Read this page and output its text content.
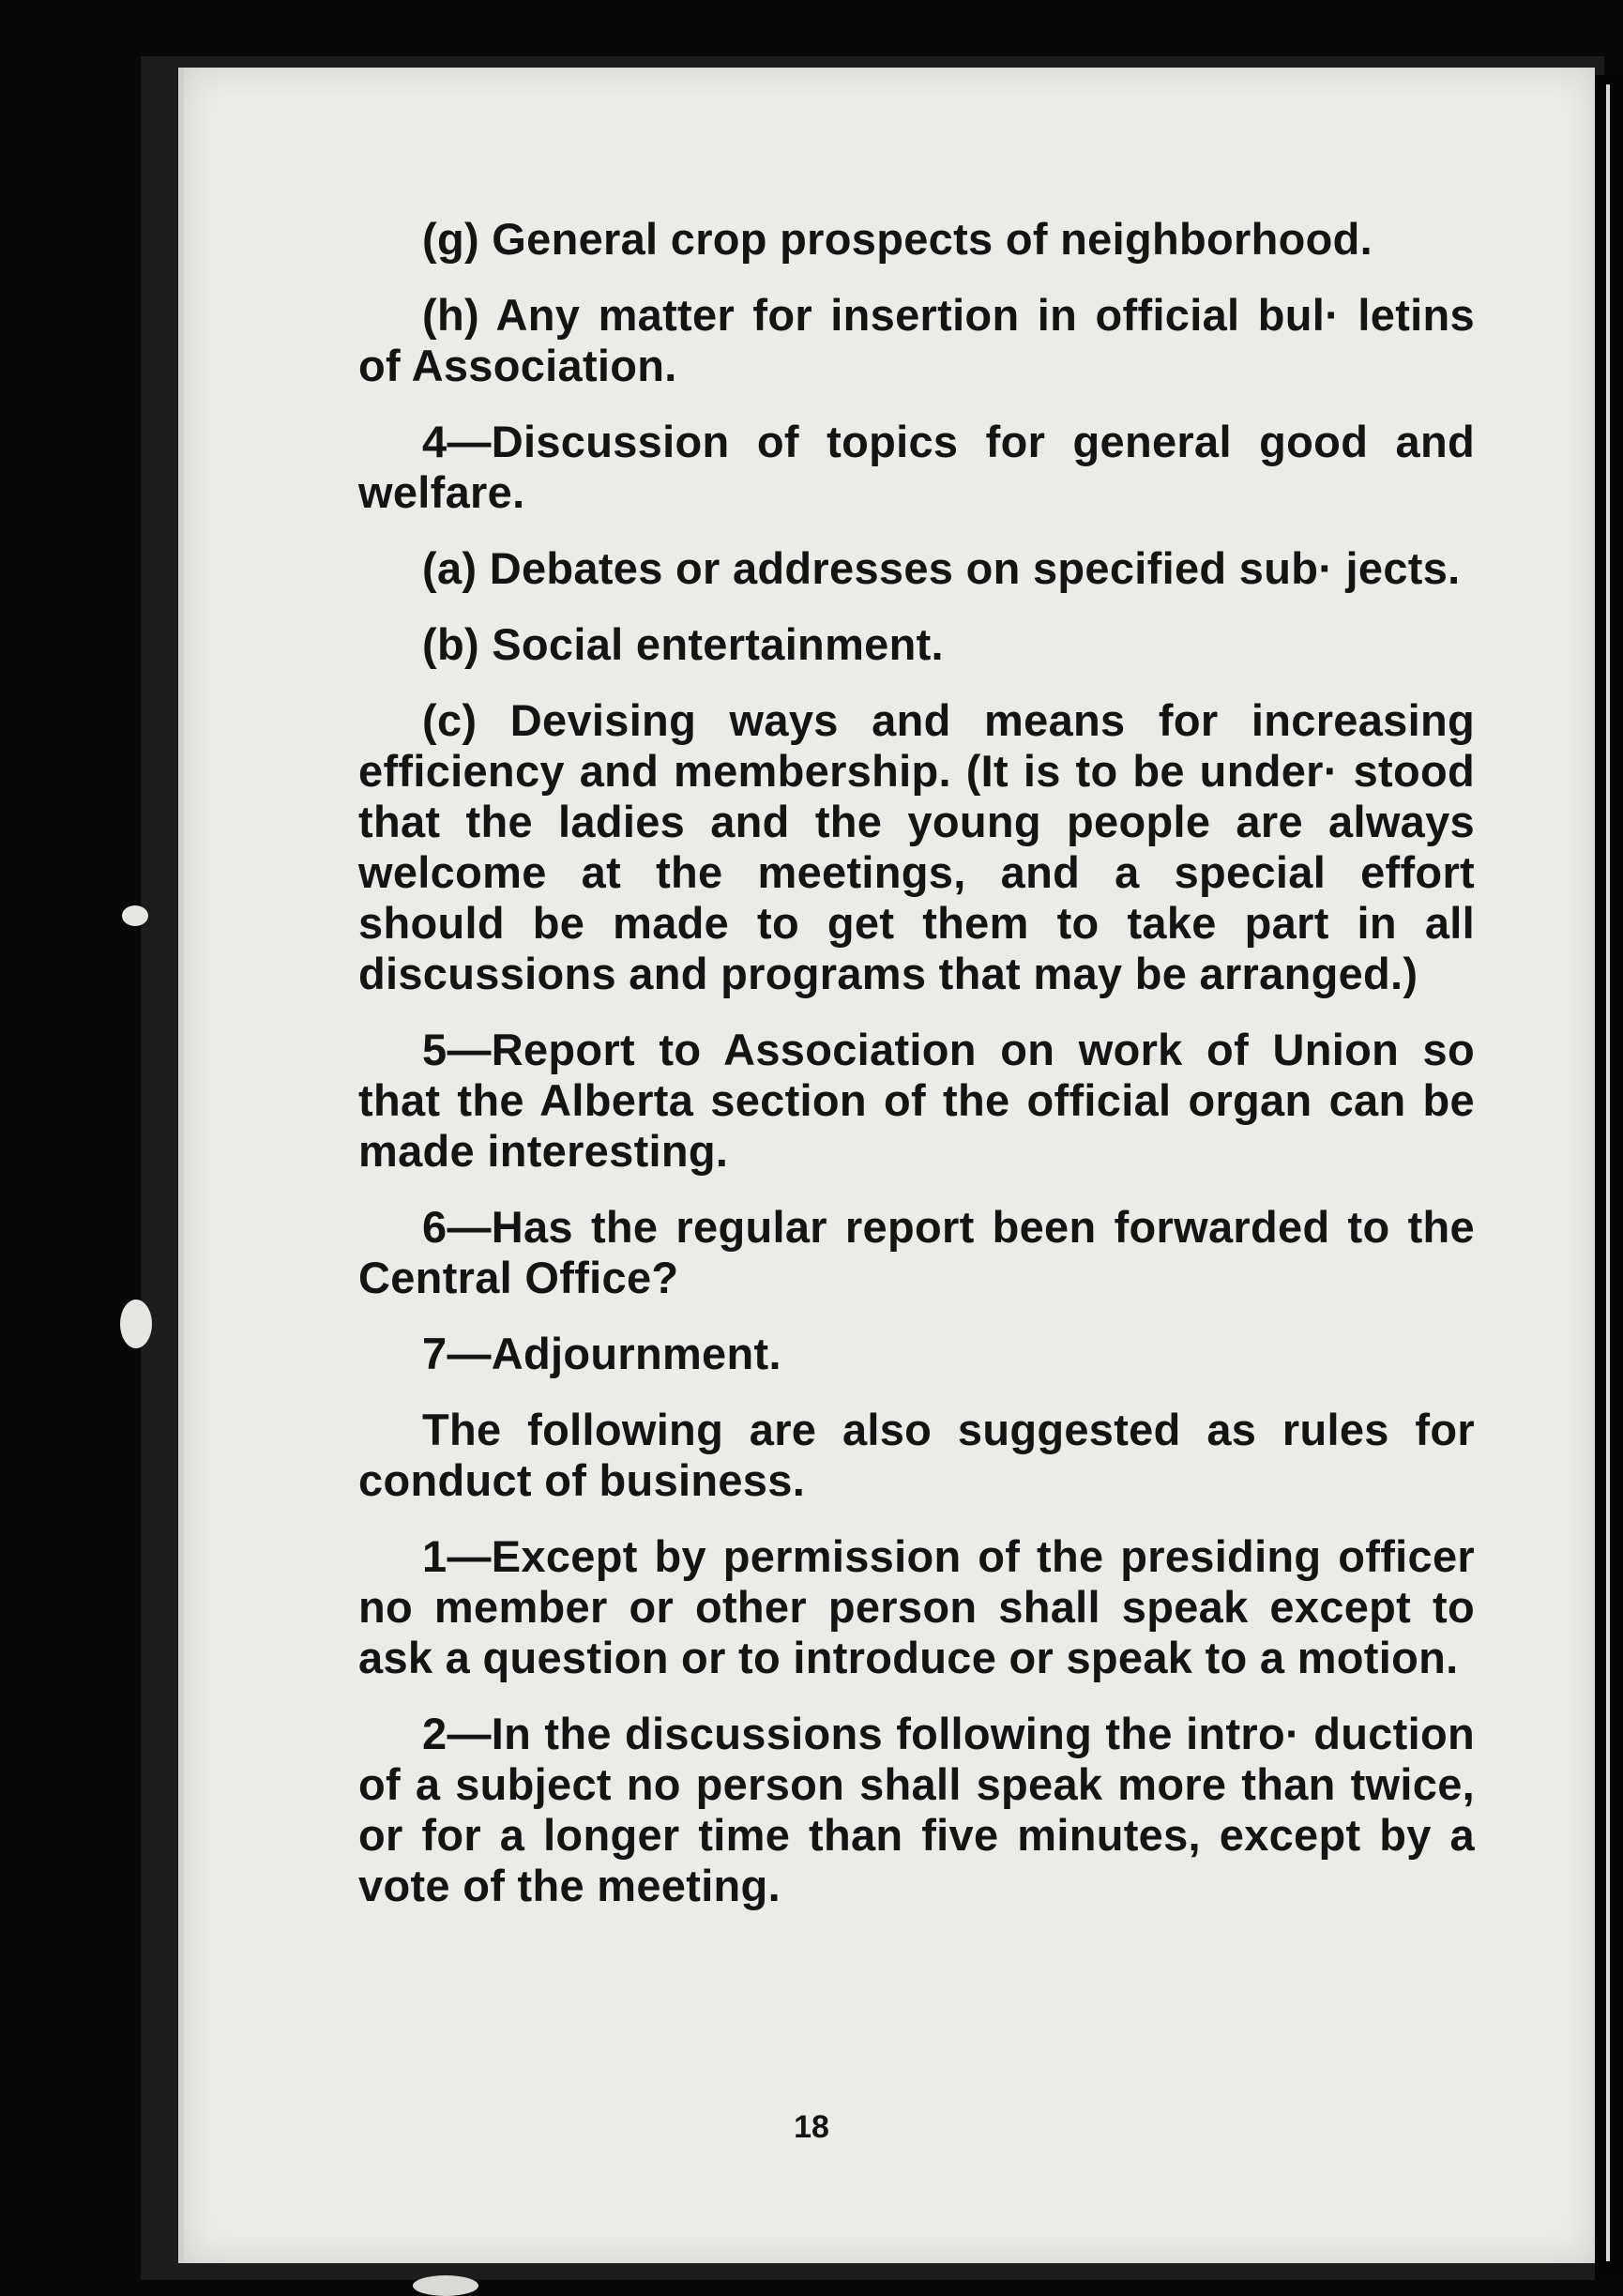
(g) General crop prospects of neighborhood.

(h) Any matter for insertion in official bul· letins of Association.

4—Discussion of topics for general good and welfare.

(a) Debates or addresses on specified sub· jects.

(b) Social entertainment.

(c) Devising ways and means for increasing efficiency and membership. (It is to be under· stood that the ladies and the young people are always welcome at the meetings, and a special effort should be made to get them to take part in all discussions and programs that may be arranged.)

5—Report to Association on work of Union so that the Alberta section of the official organ can be made interesting.

6—Has the regular report been forwarded to the Central Office?

7—Adjournment.

The following are also suggested as rules for conduct of business.

1—Except by permission of the presiding officer no member or other person shall speak except to ask a question or to introduce or speak to a motion.

2—In the discussions following the intro· duction of a subject no person shall speak more than twice, or for a longer time than five minutes, except by a vote of the meeting.

18
